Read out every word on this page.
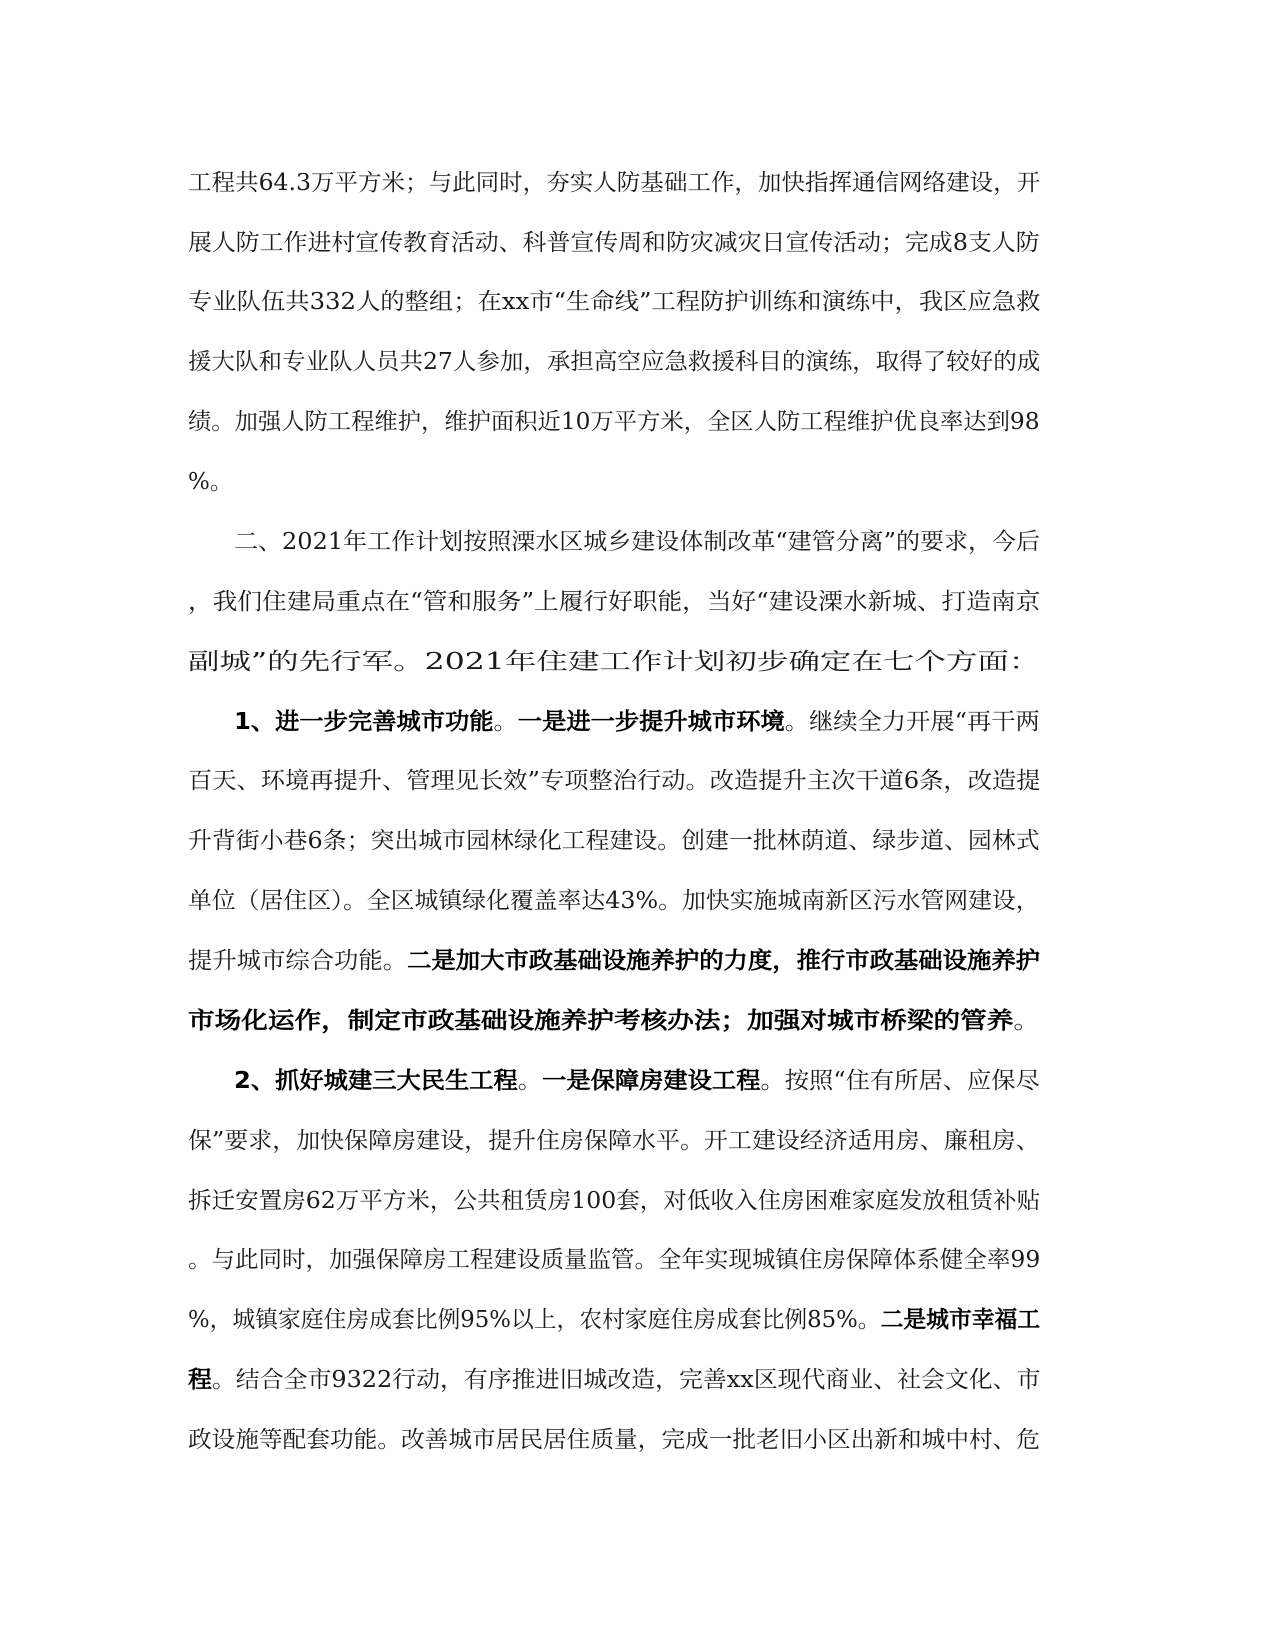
工程共64.3万平方米；与此同时，夯实人防基础工作，加快指挥通信网络建设，开
展人防工作进村宣传教育活动、科普宣传周和防灾减灾日宣传活动；完成8支人防
专业队伍共332人的整组；在xx市“生命线”工程防护训练和演练中，我区应急救
援大队和专业队人员共27人参加，承担高空应急救援科目的演练，取得了较好的成
绩。加强人防工程维护，维护面积近10万平方米，全区人防工程维护优良率达到98
%。
二、2021年工作计划按照溧水区城乡建设体制改革“建管分离”的要求，今后
，我们住建局重点在“管和服务”上履行好职能，当好“建设溧水新城、打造南京
副城”的先行军。2021年住建工作计划初步确定在七个方面：
1、进一步完善城市功能。一是进一步提升城市环境。继续全力开展“再干两
百天、环境再提升、管理见长效”专项整治行动。改造提升主次干道6条，改造提
升背街小巷6条；突出城市园林绿化工程建设。创建一批林荫道、绿步道、园林式
单位（居住区）。全区城镇绿化覆盖率达43%。加快实施城南新区污水管网建设，
提升城市综合功能。二是加大市政基础设施养护的力度，推行市政基础设施养护
市场化运作，制定市政基础设施养护考核办法；加强对城市桥梁的管养。
2、抓好城建三大民生工程。一是保障房建设工程。按照“住有所居、应保尽
保”要求，加快保障房建设，提升住房保障水平。开工建设经济适用房、廉租房、
拆迁安置房62万平方米，公共租赁房100套，对低收入住房困难家庭发放租赁补贴
。与此同时，加强保障房工程建设质量监管。全年实现城镇住房保障体系健全率99
%，城镇家庭住房成套比例95%以上，农村家庭住房成套比例85%。二是城市幸福工
程。结合全市9322行动，有序推进旧城改造，完善xx区现代商业、社会文化、市
政设施等配套功能。改善城市居民居住质量，完成一批老旧小区出新和城中村、危
